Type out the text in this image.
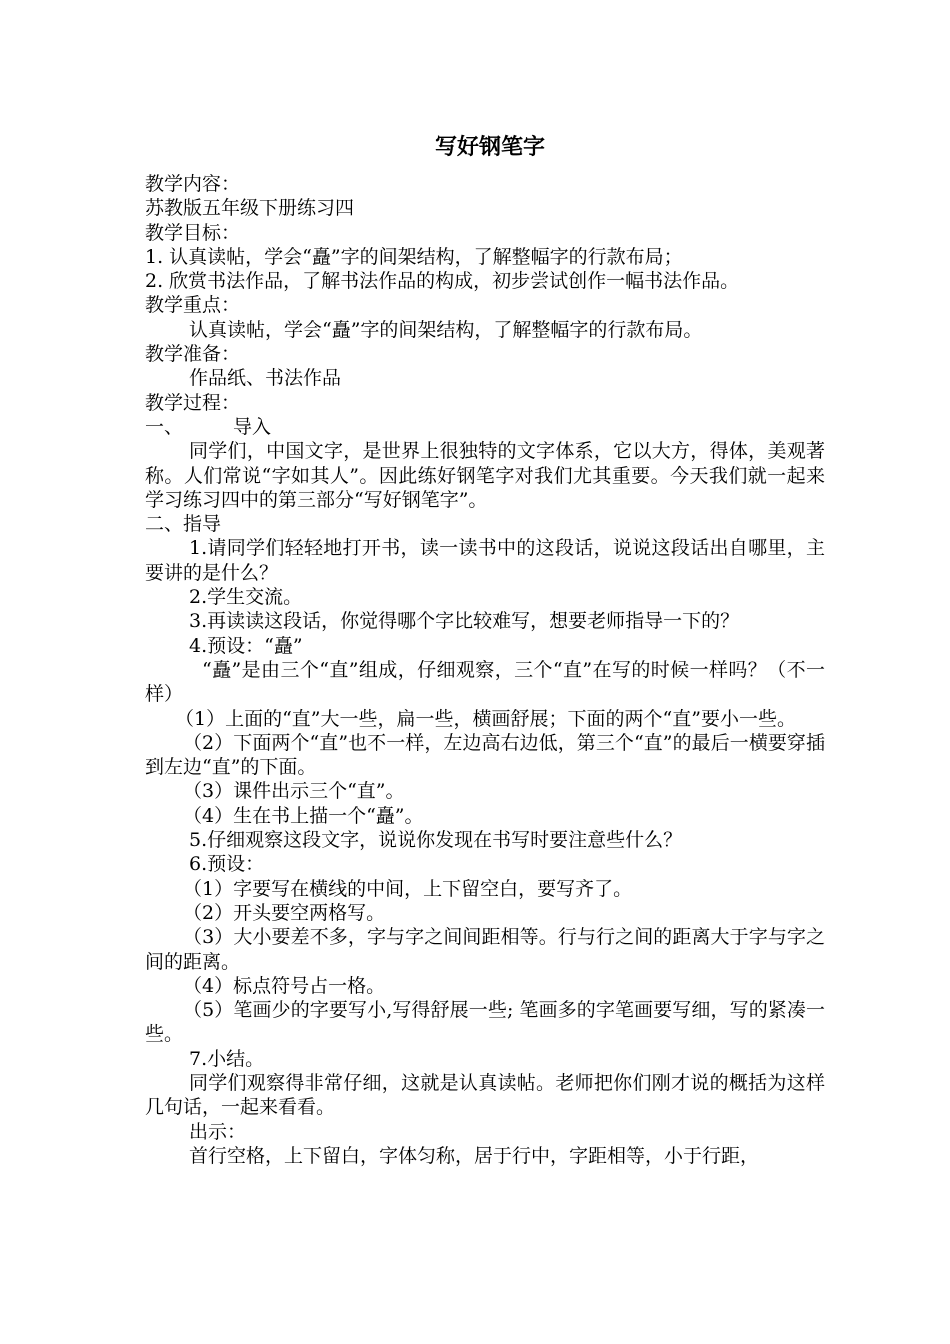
写好钢笔字
教学内容：
苏教版五年级下册练习四
教学目标：
1. 认真读帖，学会“矗”字的间架结构，了解整幅字的行款布局；
2. 欣赏书法作品，了解书法作品的构成，初步尝试创作一幅书法作品。
教学重点：
认真读帖，学会“矗”字的间架结构，了解整幅字的行款布局。
教学准备：
作品纸、书法作品
教学过程：
一、	导入
同学们，中国文字，是世界上很独特的文字体系，它以大方，得体，美观著称。人们常说“字如其人”。因此练好钢笔字对我们尤其重要。今天我们就一起来学习练习四中的第三部分“写好钢笔字”。
二、指导
1.请同学们轻轻地打开书，读一读书中的这段话，说说这段话出自哪里，主要讲的是什么？
2.学生交流。
3.再读读这段话，你觉得哪个字比较难写，想要老师指导一下的？
4.预设：“矗”
“矗”是由三个“直”组成，仔细观察，三个“直”在写的时候一样吗？（不一样）
（1）上面的“直”大一些，扁一些，横画舒展；下面的两个“直”要小一些。
（2）下面两个“直”也不一样，左边高右边低，第三个“直”的最后一横要穿插到左边“直”的下面。
（3）课件出示三个“直”。
（4）生在书上描一个“矗”。
5.仔细观察这段文字，说说你发现在书写时要注意些什么？
6.预设：
（1）字要写在横线的中间，上下留空白，要写齐了。
（2）开头要空两格写。
（3）大小要差不多，字与字之间间距相等。行与行之间的距离大于字与字之间的距离。
（4）标点符号占一格。
（5）笔画少的字要写小,写得舒展一些; 笔画多的字笔画要写细，写的紧凑一些。
7.小结。
同学们观察得非常仔细，这就是认真读帖。老师把你们刚才说的概括为这样几句话，一起来看看。
出示：
首行空格，上下留白，字体匀称，居于行中，字距相等，小于行距，
